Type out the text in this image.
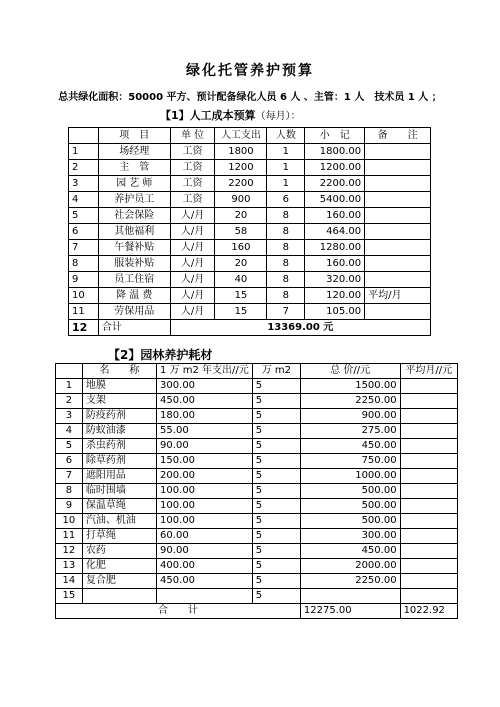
绿化托管养护预算
总共绿化面积：50000 平方、预计配备绿化人员 6 人 、主管：1 人　技术员 1 人 ；
【1】人工成本预算（每月）：
	项　目	单 位	人工支出	人数	小　记	备　　注
1	场经理	工资	1800	1	1800.00	
2	主　管	工资	1200	1	1200.00	
3	园 艺 师	工资	2200	1	2200.00	
4	养护员工	工资	900	6	5400.00	
5	社会保险	人/月	20	8	160.00	
6	其他福利	人/月	58	8	464.00	
7	午餐补贴	人/月	160	8	1280.00	
8	服装补贴	人/月	20	8	160.00	
9	员工住宿	人/月	40	8	320.00	
10	降 温 费	人/月	15	8	120.00	平均/月
11	劳保用品	人/月	15	7	105.00	
12	合计	13369.00 元				
【2】园林养护耗材
	名　　称	1 万 m2 年支出//元	万 m2	总 价//元	平均月//元
1	地膜	300.00	5	1500.00	
2	支架	450.00	5	2250.00	
3	防疫药剂	180.00	5	900.00	
4	防蚁油漆	55.00	5	275.00	
5	杀虫药剂	90.00	5	450.00	
6	除草药剂	150.00	5	750.00	
7	遮阳用品	200.00	5	1000.00	
8	临时围墙	100.00	5	500.00	
9	保温草绳	100.00	5	500.00	
10	汽油、机油	100.00	5	500.00	
11	打草绳	60.00	5	300.00	
12	农药	90.00	5	450.00	
13	化肥	400.00	5	2000.00	
14	复合肥	450.00	5	2250.00	
15			5		
合　　计				12275.00	1022.92
